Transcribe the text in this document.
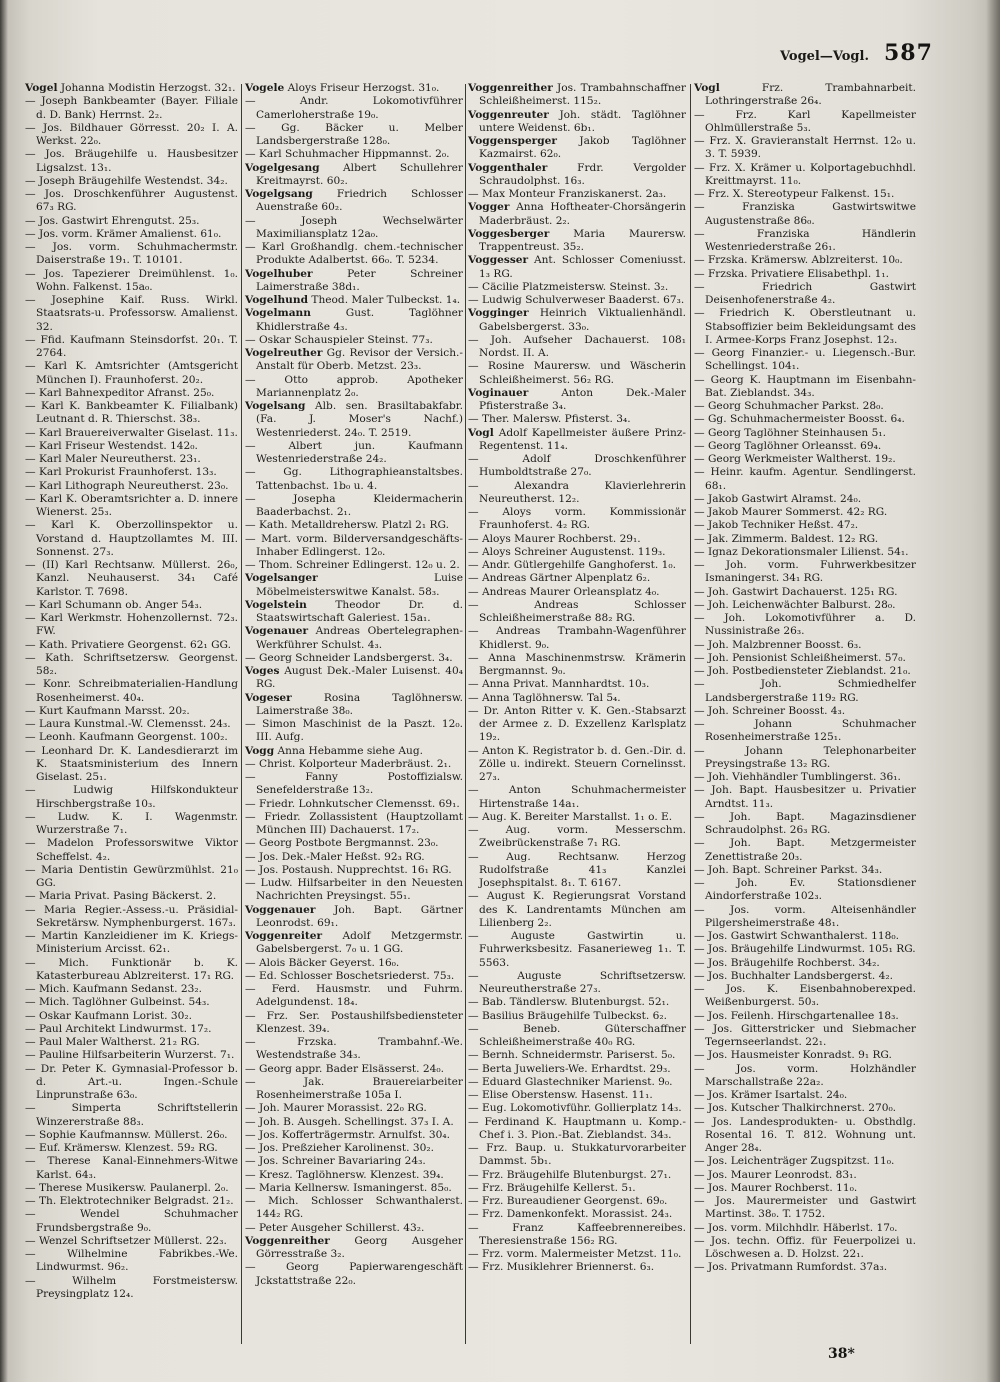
Vogel—Vogl. 587

Vogel Johanna Modistin Herzogst. 32₁.

— Joseph Bankbeamter (Bayer. Filiale d. D. Bank) Herrnst. 2₂.

— Jos. Bildhauer Görresst. 20₂ I. A. Werkst. 22₀.

— Jos. Bräugehilfe u. Hausbesitzer Ligsalzst. 13₁.

— Joseph Bräugehilfe Westendst. 34₂.

— Jos. Droschkenführer Augustenst. 67₃ RG.

— Jos. Gastwirt Ehrengutst. 25₃.

— Jos. vorm. Krämer Amalienst. 61₀.

— Jos. vorm. Schuhmachermstr. Daiserstraße 19₁. T. 10101.

— Jos. Tapezierer Dreimühlenst. 1₀. Wohn. Falkenst. 15a₀.

— Josephine Kaif. Russ. Wirkl. Staatsrats-u. Professorsw. Amalienst. 32.

— Ffid. Kaufmann Steinsdorfst. 20₁. T. 2764.

— Karl K. Amtsrichter (Amtsgericht München I). Fraunhoferst. 20₂.

— Karl Bahnexpeditor Afranst. 25₀.

— Karl K. Bankbeamter K. Filialbank) Leutnant d. R. Thierschst. 38₃.

— Karl Brauereiverwalter Giselast. 11₃.

— Karl Friseur Westendst. 142₀.

— Karl Maler Neureutherst. 23₁.

— Karl Prokurist Fraunhoferst. 13₃.

— Karl Lithograph Neureutherst. 23₀.

— Karl K. Oberamtsrichter a. D. innere Wienerst. 25₃.

— Karl K. Oberzollinspektor u. Vorstand d. Hauptzollamtes M. III. Sonnenst. 27₃.

— (II) Karl Rechtsanw. Müllerst. 26₀, Kanzl. Neuhauserst. 34₁ Café Karlstor. T. 7698.

— Karl Schumann ob. Anger 54₃.

— Karl Werkmstr. Hohenzollernst. 72₃. FW.

— Kath. Privatiere Georgenst. 62₁ GG.

— Kath. Schriftsetzersw. Georgenst. 58₂.

— Konr. Schreibmaterialien-Handlung Rosenheimerst. 40₄.

— Kurt Kaufmann Marsst. 20₂.

— Laura Kunstmal.-W. Clemensst. 24₃.

— Leonh. Kaufmann Georgenst. 100₂.

— Leonhard Dr. K. Landesdierarzt im K. Staatsministerium des Innern Giselast. 25₁.

— Ludwig Hilfskondukteur Hirschbergstraße 10₃.

— Ludw. K. I. Wagenmstr. Wurzerstraße 7₁.

— Madelon Professorswitwe Viktor Scheffelst. 4₂.

— Maria Dentistin Gewürzmühlst. 21₀ GG.

— Maria Privat. Pasing Bäckerst. 2.

— Maria Regier.-Assess.-u. Präsidial-Sekretärsw. Nymphenburgerst. 167₃.

— Martin Kanzleidiener im K. Kriegs-Ministerium Arcisst. 62₁.

— Mich. Funktionär b. K. Katasterbureau Ablzreiterst. 17₁ RG.

— Mich. Kaufmann Sedanst. 23₂.

— Mich. Taglöhner Gulbeinst. 54₃.

— Oskar Kaufmann Lorist. 30₂.

— Paul Architekt Lindwurmst. 17₂.

— Paul Maler Waltherst. 21₂ RG.

— Pauline Hilfsarbeiterin Wurzerst. 7₁.

— Dr. Peter K. Gymnasial-Professor b. d. Art.-u. Ingen.-Schule Linprunstraße 63₀.

— Simperta Schriftstellerin Winzererstraße 88₃.

— Sophie Kaufmannsw. Müllerst. 26₀.

— Euf. Krämersw. Klenzest. 59₂ RG.

— Therese Kanal-Einnehmers-Witwe Karlst. 64₃.

— Therese Musikersw. Paulanerpl. 2₀.

— Th. Elektrotechniker Belgradst. 21₂.

— Wendel Schuhmacher Frundsbergstraße 9₀.

— Wenzel Schriftsetzer Müllerst. 22₃.

— Wilhelmine Fabrikbes.-We. Lindwurmst. 96₂.

— Wilhelm Forstmeistersw. Preysingplatz 12₄.

Vogele Aloys Friseur Herzogst. 31₀.

— Andr. Lokomotivführer Camerloherstraße 19₀.

— Gg. Bäcker u. Melber Landsbergerstraße 128₀.

— Karl Schuhmacher Hippmannst. 2₀.

Vogelgesang Albert Schullehrer Kreitmayrst. 60₂.

Vogelgsang Friedrich Schlosser Auenstraße 60₂.

— Joseph Wechselwärter Maximiliansplatz 12a₀.

— Karl Großhandlg. chem.-technischer Produkte Adalbertst. 66₀. T. 5234.

Vogelhuber	Peter Schreiner Laimerstraße 38d₁.

Vogelhund Theod. Maler Tulbeckst. 1₄.

Vogelmann	Gust. Taglöhner Khidlerstraße 4₃.

— Oskar Schauspieler Steinst. 77₃.

Vogelreuther Gg. Revisor der Versich.-Anstalt für Oberb. Metzst. 23₃.

— Otto approb. Apotheker Mariannenplatz 2₀.

Vogelsang Alb. sen. Brasiltabakfabr. (Fa. J. Moser's Nachf.) Westenriederst. 24₀. T. 2519.

— Albert jun. Kaufmann Westenriederstraße 24₂.

— Gg. Lithographieanstaltsbes. Tattenbachst. 1b₀ u. 4.

— Josepha Kleidermacherin Baaderbachst. 2₁.

— Kath. Metalldrehersw. Platzl 2₁ RG.

— Mart. vorm. Bilderversandgeschäfts-Inhaber Edlingerst. 12₀.

— Thom. Schreiner Edlingerst. 12₀ u. 2.

Vogelsanger	Luise Möbelmeisterswitwe Kanalst. 58₃.

Vogelstein	Theodor Dr. d. Staatswirtschaft Galeriest. 15a₁.

Vogenauer Andreas Obertelegraphen-Werkführer Schulst. 4₃.

— Georg Schneider Landsbergerst. 3₄.

Voges August Dek.-Maler Luisenst. 40₄ RG.

Vogeser	Rosina Taglöhnersw. Laimerstraße 38₀.

— Simon Maschinist de la Paszt. 12₀. III. Aufg.

Vogg Anna Hebamme siehe Aug.

— Christ. Kolporteur Maderbräust. 2₁.

— Fanny Postoffizialsw. Senefelderstraße 13₂.

— Friedr. Lohnkutscher Clemensst. 69₁.

— Friedr. Zollassistent (Hauptzollamt München III) Dachauerst. 17₂.

— Georg Postbote Bergmannst. 23₀.

— Jos. Dek.-Maler Heßst. 92₃ RG.

— Jos. Postaush. Nupprechtst. 16₁ RG.

— Ludw. Hilfsarbeiter in den Neuesten Nachrichten Preysingst. 55₁.

Voggenauer Joh. Bapt. Gärtner Leonrodst. 69₁.

Voggenreiter Adolf Metzgermstr. Gabelsbergerst. 7₀ u. 1 GG.

— Alois Bäcker Geyerst. 16₀.

— Ed. Schlosser Boschetsriederst. 75₃.

— Ferd. Hausmstr. und Fuhrm. Adelgundenst. 18₄.

— Frz. Ser. Postaushilfsbediensteter Klenzest. 39₄.

— Frzska. Trambahnf.-We. Westendstraße 34₃.

— Georg appr. Bader Elsässerst. 24₀.

— Jak. Brauereiarbeiter Rosenheimerstraße 105a I.

— Joh. Maurer Morassist. 22₀ RG.

— Joh. B. Ausgeh. Schellingst. 37₃ I. A.

— Jos. Kofferträgermstr. Arnulfst. 30₄.

— Jos. Preßzieher Karolinenst. 30₂.

— Jos. Schreiner Bavariaring 24₃.

— Kresz. Taglöhnersw. Klenzest. 39₄.

— Maria Kellnersw. Ismaningerst. 85₀.

— Mich. Schlosser Schwanthalerst. 144₂ RG.

— Peter Ausgeher Schillerst. 43₂.

Voggenreither Georg Ausgeher Görresstraße 3₂.

— Georg Papierwarengeschäft Jckstattstraße 22₀.

Voggenreither Jos. Trambahnschaffner Schleißheimerst. 115₂.

Voggenreuter Joh. städt. Taglöhner untere Weidenst. 6b₁.

Voggensperger Jakob Taglöhner Kazmairst. 62₀.

Voggenthaler	Frdr. Vergolder Schraudolphst. 16₃.

— Max Monteur Franziskanerst. 2a₃.

Vogger Anna Hoftheater-Chorsängerin Maderbräust. 2₂.

Voggesberger Maria Maurersw. Trappentreust. 35₂.

Voggesser Ant. Schlosser Comeniusst. 1₃ RG.

— Cäcilie Platzmeistersw. Steinst. 3₂.

— Ludwig Schulverweser Baaderst. 67₃.

Vogginger Heinrich Viktualienhändl. Gabelsbergerst. 33₀.

— Joh. Aufseher Dachauerst. 108₁ Nordst. II. A.

— Rosine Maurersw. und Wäscherin Schleißheimerst. 56₂ RG.

Voginauer	Anton Dek.-Maler Pfisterstraße 3₄.

— Ther. Malersw. Pfisterst. 3₄.

Vogl Adolf Kapellmeister äußere Prinz-Regentenst. 11₄.

— Adolf Droschkenführer Humboldtstraße 27₀.

— Alexandra Klavierlehrerin Neureutherst. 12₂.

— Aloys vorm. Kommissionär Fraunhoferst. 4₂ RG.

— Aloys Maurer Rochberst. 29₁.

— Aloys Schreiner Augustenst. 119₃.

— Andr. Gütlergehilfe Ganghoferst. 1₀.

— Andreas Gärtner Alpenplatz 6₂.

— Andreas Maurer Orleansplatz 4₀.

— Andreas Schlosser Schleißheimerstraße 88₂ RG.

— Andreas Trambahn-Wagenführer Khidlerst. 9₀.

— Anna Maschinenmstrsw. Krämerin Bergmannst. 9₀.

— Anna Privat. Mannhardtst. 10₃.

— Anna Taglöhnersw. Tal 5₄.

— Dr. Anton Ritter v. K. Gen.-Stabsarzt der Armee z. D. Exzellenz Karlsplatz 19₂.

— Anton K. Registrator b. d. Gen.-Dir. d. Zölle u. indirekt. Steuern Cornelinsst. 27₃.

— Anton Schuhmachermeister Hirtenstraße 14a₁.

— Aug. K. Bereiter Marstallst. 1₁ o. E.

— Aug. vorm. Messerschm. Zweibrückenstraße 7₁ RG.

— Aug. Rechtsanw. Herzog Rudolfstraße 41₃ Kanzlei Josephspitalst. 8₁. T. 6167.

— August K. Regierungsrat Vorstand des K. Landrentamts München am Lilienberg 2₂.

— Auguste Gastwirtin u. Fuhrwerksbesitz. Fasanerieweg 1₁. T. 5563.

— Auguste Schriftsetzersw. Neureutherstraße 27₃.

— Bab. Tändlersw. Blutenburgst. 52₁.

— Basilius Bräugehilfe Tulbeckst. 6₂.

— Beneb. Güterschaffner Schleißheimerstraße 40₀ RG.

— Bernh. Schneidermstr. Pariserst. 5₀.

— Berta Juweliers-We. Erhardtst. 29₃.

— Eduard Glastechniker Marienst. 9₀.

— Elise Oberstensw. Hasenst. 11₁.

— Eug. Lokomotivführ. Gollierplatz 14₃.

— Ferdinand K. Hauptmann u. Komp.-Chef i. 3. Pion.-Bat. Zieblandst. 34₃.

— Frz. Baup. u. Stukkaturvorarbeiter Dammst. 5b₁.

— Frz. Bräugehilfe Blutenburgst. 27₁.

— Frz. Bräugehilfe Kellerst. 5₁.

— Frz. Bureaudiener Georgenst. 69₀.

— Frz. Damenkonfekt. Morassist. 24₃.

— Franz Kaffeebrennereibes. Theresienstraße 156₂ RG.

— Frz. vorm. Malermeister Metzst. 11₀.

— Frz. Musiklehrer Briennerst. 6₃.

Vogl	Frz. Trambahnarbeit. Lothringerstraße 26₄.

— Frz. Karl Kapellmeister Ohlmüllerstraße 5₃.

— Frz. X. Gravieranstalt Herrnst. 12₀ u. 3. T. 5939.

— Frz. X. Krämer u. Kolportagebuchhdl. Kreittmayrst. 11₀.

— Frz. X. Stereotypeur Falkenst. 15₁.

— Franziska Gastwirtswitwe Augustenstraße 86₀.

— Franziska Händlerin Westenriederstraße 26₁.

— Frzska. Krämersw. Ablzreiterst. 10₀.

— Frzska. Privatiere Elisabethpl. 1₁.

— Friedrich Gastwirt Deisenhofenerstraße 4₂.

— Friedrich K. Oberstleutnant u. Stabsoffizier beim Bekleidungsamt des I. Armee-Korps Franz Josephst. 12₃.

— Georg Finanzier.- u. Liegensch.-Bur. Schellingst. 104₁.

— Georg K. Hauptmann im Eisenbahn-Bat. Zieblandst. 34₃.

— Georg Schuhmacher Parkst. 28₀.

— Gg. Schuhmachermeister Boosst. 6₄.

— Georg Taglöhner Steinhausen 5₁.

— Georg Taglöhner Orleansst. 69₄.

— Georg Werkmeister Waltherst. 19₂.

— Heinr. kaufm. Agentur. Sendlingerst. 68₁.

— Jakob Gastwirt Alramst. 24₀.

— Jakob Maurer Sommerst. 42₂ RG.

— Jakob Techniker Heßst. 47₂.

— Jak. Zimmerm. Baldest. 12₂ RG.

— Ignaz Dekorationsmaler Lilienst. 54₁.

— Joh. vorm. Fuhrwerkbesitzer Ismaningerst. 34₁ RG.

— Joh. Gastwirt Dachauerst. 125₁ RG.

— Joh. Leichenwächter Balburst. 28₀.

— Joh. Lokomotivführer a. D. Nussinistraße 26₃.

— Joh. Malzbrenner Boosst. 6₃.

— Joh. Pensionist Schleißheimerst. 57₀.

— Joh. Postbediensteter Zieblandst. 21₀.

— Joh. Schmiedhelfer Landsbergerstraße 119₂ RG.

— Joh. Schreiner Boosst. 4₃.

— Johann Schuhmacher Rosenheimerstraße 125₁.

— Johann Telephonarbeiter Preysingstraße 13₂ RG.

— Joh. Viehhändler Tumblingerst. 36₁.

— Joh. Bapt. Hausbesitzer u. Privatier Arndtst. 11₃.

— Joh. Bapt. Magazinsdiener Schraudolphst. 26₃ RG.

— Joh. Bapt. Metzgermeister Zenettistraße 20₃.

— Joh. Bapt. Schreiner Parkst. 34₃.

— Joh. Ev. Stationsdiener Aindorferstraße 102₃.

— Jos. vorm. Alteisenhändler Pilgersheimerstraße 48₁.

— Jos. Gastwirt Schwanthalerst. 118₀.

— Jos. Bräugehilfe Lindwurmst. 105₁ RG.

— Jos. Bräugehilfe Rochberst. 34₂.

— Jos. Buchhalter Landsbergerst. 4₂.

— Jos. K. Eisenbahnoberexped. Weißenburgerst. 50₃.

— Jos. Feilenh. Hirschgartenallee 18₃.

— Jos. Gitterstricker und Siebmacher Tegernseerlandst. 22₁.

— Jos. Hausmeister Konradst. 9₁ RG.

— Jos. vorm. Holzhändler Marschallstraße 22a₂.

— Jos. Krämer Isartalst. 24₀.

— Jos. Kutscher Thalkirchnerst. 270₀.

— Jos. Landesprodukten- u. Obsthdlg. Rosental 16. T. 812. Wohnung unt. Anger 28₄.

— Jos. Leichenträger Zugspitzst. 11₀.

— Jos. Maurer Leonrodst. 83₁.

— Jos. Maurer Rochberst. 11₀.

— Jos. Maurermeister und Gastwirt Martinst. 38₀. T. 1752.

— Jos. vorm. Milchhdlr. Häberlst. 17₀.

— Jos. techn. Offiz. für Feuerpolizei u. Löschwesen a. D. Holzst. 22₁.

— Jos. Privatmann Rumfordst. 37a₃.

38*
